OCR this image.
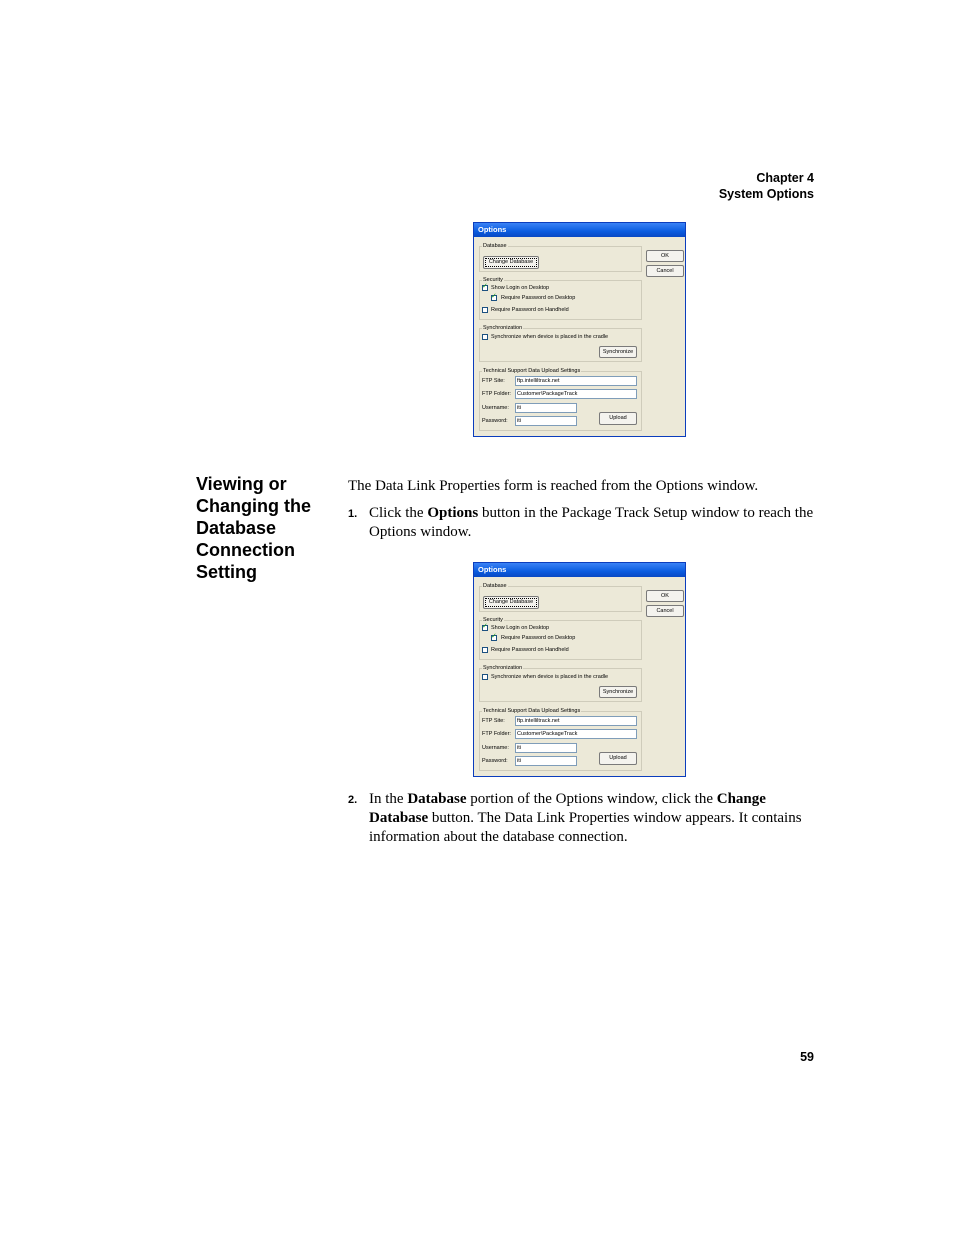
Chapter 4
System Options
Options
Database
Change Database
OK
Cancel
Security
✓
Show Login on Desktop
✓
Require Password on Desktop
Require Password on Handheld
Synchronization
Synchronize when device is placed in the cradle
Synchronize
Technical Support Data Upload Settings
FTP Site:	ftp.intelliltrack.net
FTP Folder:	Customer\PackageTrack
Username:	iti
Password:	iti	Upload
Viewing or Changing the Database Connection Setting
The Data Link Properties form is reached from the Options window.
1. Click the Options button in the Package Track Setup window to reach the Options window.
Options
Database
Change Database
OK
Cancel
Security
✓
Show Login on Desktop
✓
Require Password on Desktop
Require Password on Handheld
Synchronization
Synchronize when device is placed in the cradle
Synchronize
Technical Support Data Upload Settings
FTP Site:	ftp.intelliltrack.net
FTP Folder:	Customer\PackageTrack
Username:	iti
Password:	iti	Upload
2. In the Database portion of the Options window, click the Change Database button. The Data Link Properties window appears. It contains information about the database connection.
59
